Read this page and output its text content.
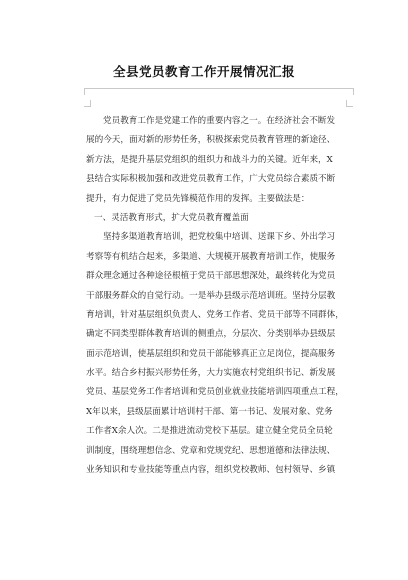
全县党员教育工作开展情况汇报
党员教育工作是党建工作的重要内容之一。在经济社会不断发
展的今天，面对新的形势任务，积极探索党员教育管理的新途径、
新方法，是提升基层党组织的组织力和战斗力的关键。近年来，X
县结合实际积极加强和改进党员教育工作，广大党员综合素质不断
提升，有力促进了党员先锋模范作用的发挥。主要做法是：
一、灵活教育形式，扩大党员教育覆盖面
坚持多渠道教育培训，把党校集中培训、送课下乡、外出学习
考察等有机结合起来，多渠道、大规模开展教育培训工作，使服务
群众理念通过各种途径根植于党员干部思想深处，最终转化为党员
干部服务群众的自觉行动。一是举办县级示范培训班。坚持分层教
育培训，针对基层组织负责人、党务工作者、党员干部等不同群体，
确定不同类型群体教育培训的侧重点，分层次、分类别举办县级层
面示范培训，使基层组织和党员干部能够真正立足岗位，提高服务
水平。结合乡村振兴形势任务，大力实施农村党组织书记、新发展
党员、基层党务工作者培训和党员创业就业技能培训四项重点工程，
X年以来，县级层面累计培训村干部、第一书记、发展对象、党务
工作者X余人次。二是推进流动党校下基层。建立健全党员全员轮
训制度，围绕理想信念、党章和党规党纪、思想道德和法律法规、
业务知识和专业技能等重点内容，组织党校教师、包村领导、乡镇
